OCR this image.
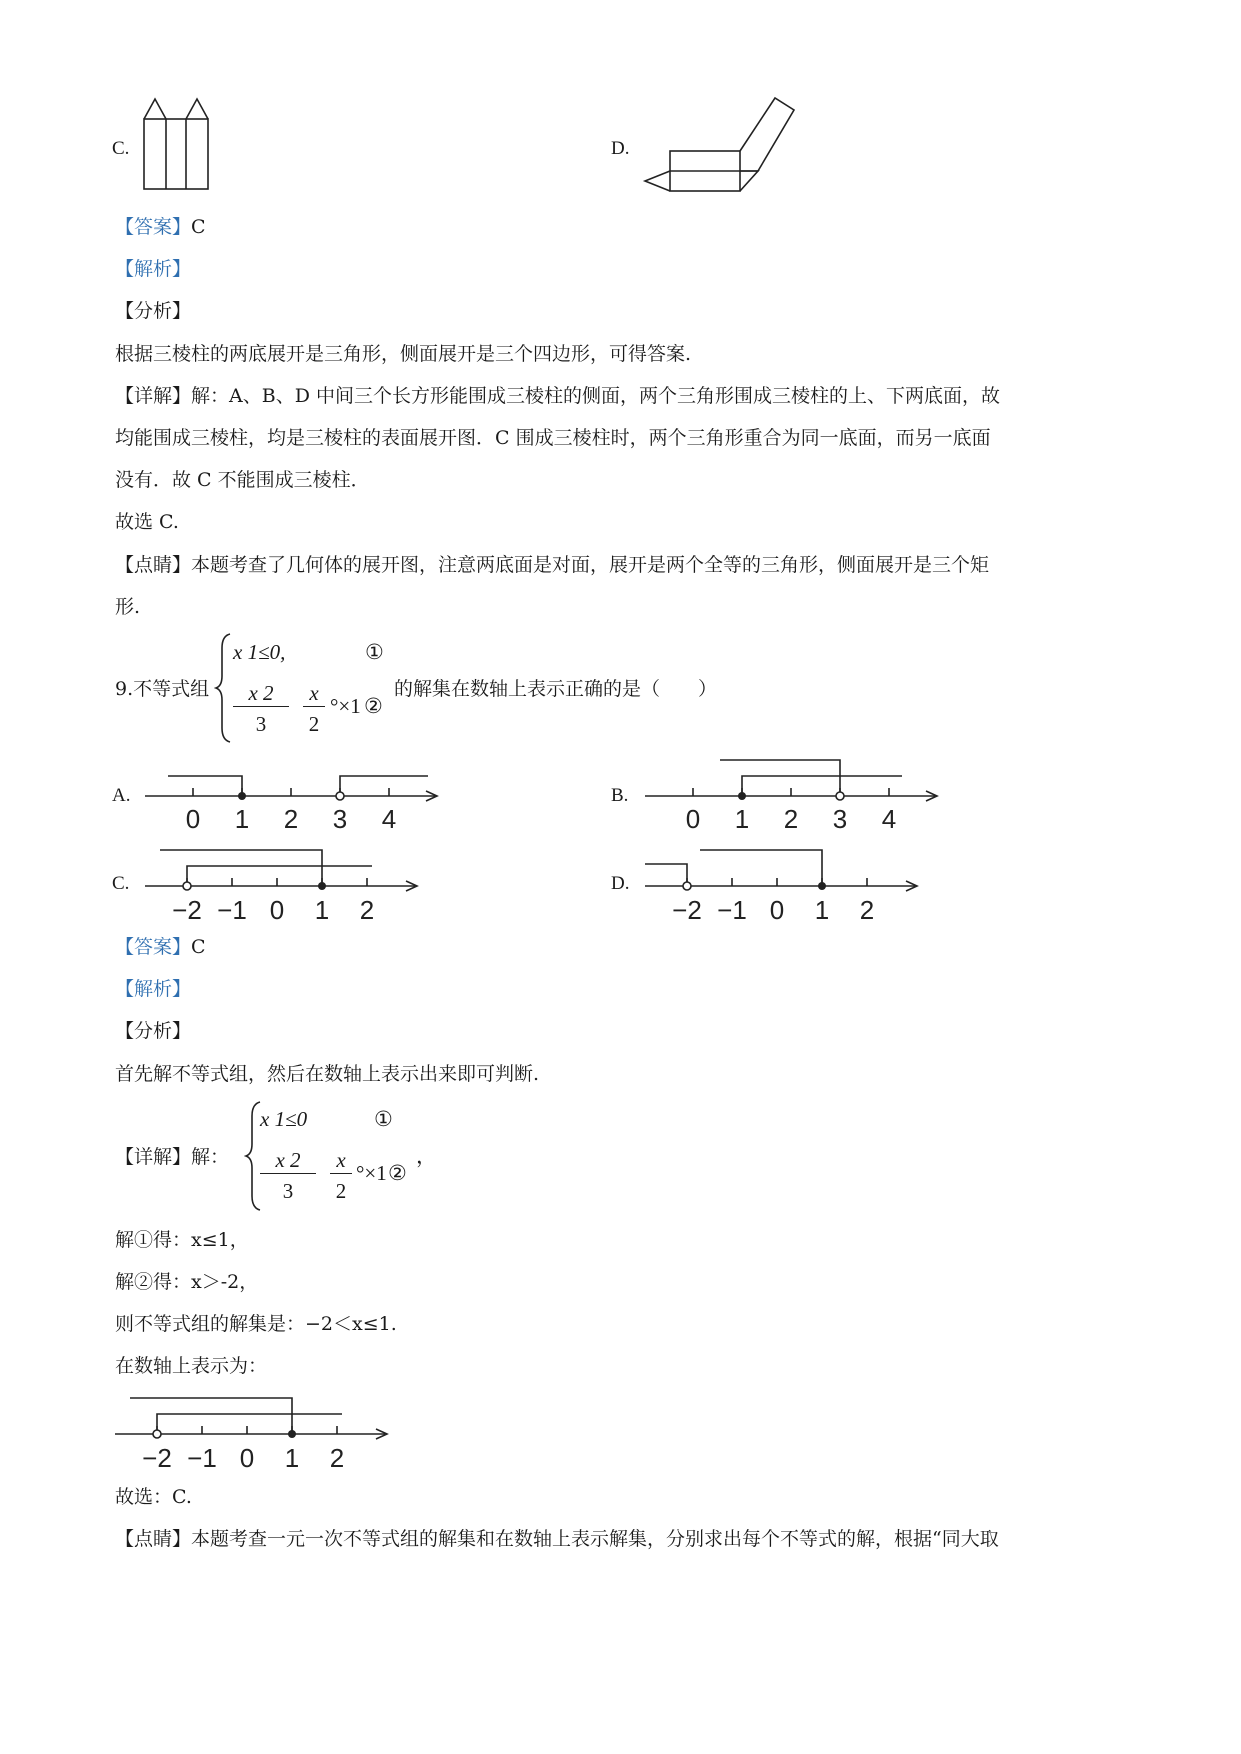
C.	D.
【答案】C
【解析】
【分析】
根据三棱柱的两底展开是三角形，侧面展开是三个四边形，可得答案.
【详解】解：A、B、D 中间三个长方形能围成三棱柱的侧面，两个三角形围成三棱柱的上、下两底面，故
均能围成三棱柱，均是三棱柱的表面展开图．C 围成三棱柱时，两个三角形重合为同一底面，而另一底面
没有．故 C 不能围成三棱柱．
故选 C.
【点睛】本题考查了几何体的展开图，注意两底面是对面，展开是两个全等的三角形，侧面展开是三个矩
形.
9.不等式组
x 1≤0,	①
x 2
3
x
2
°×1 ②
的解集在数轴上表示正确的是（　　）
A.
0 1 2 3 4
B.
0 1 2 3 4
C.
−2 −1 0 1 2
D.
−2 −1 0 1 2
【答案】C
【解析】
【分析】
首先解不等式组，然后在数轴上表示出来即可判断.
【详解】解：
x 1≤0	①
x 2
3
x
2
°×1 ②
，
解①得：x≤1，
解②得：x＞-2，
则不等式组的解集是：−2＜x≤1.
在数轴上表示为：
−2 −1 0 1 2
故选：C.
【点睛】本题考查一元一次不等式组的解集和在数轴上表示解集，分别求出每个不等式的解，根据“同大取
